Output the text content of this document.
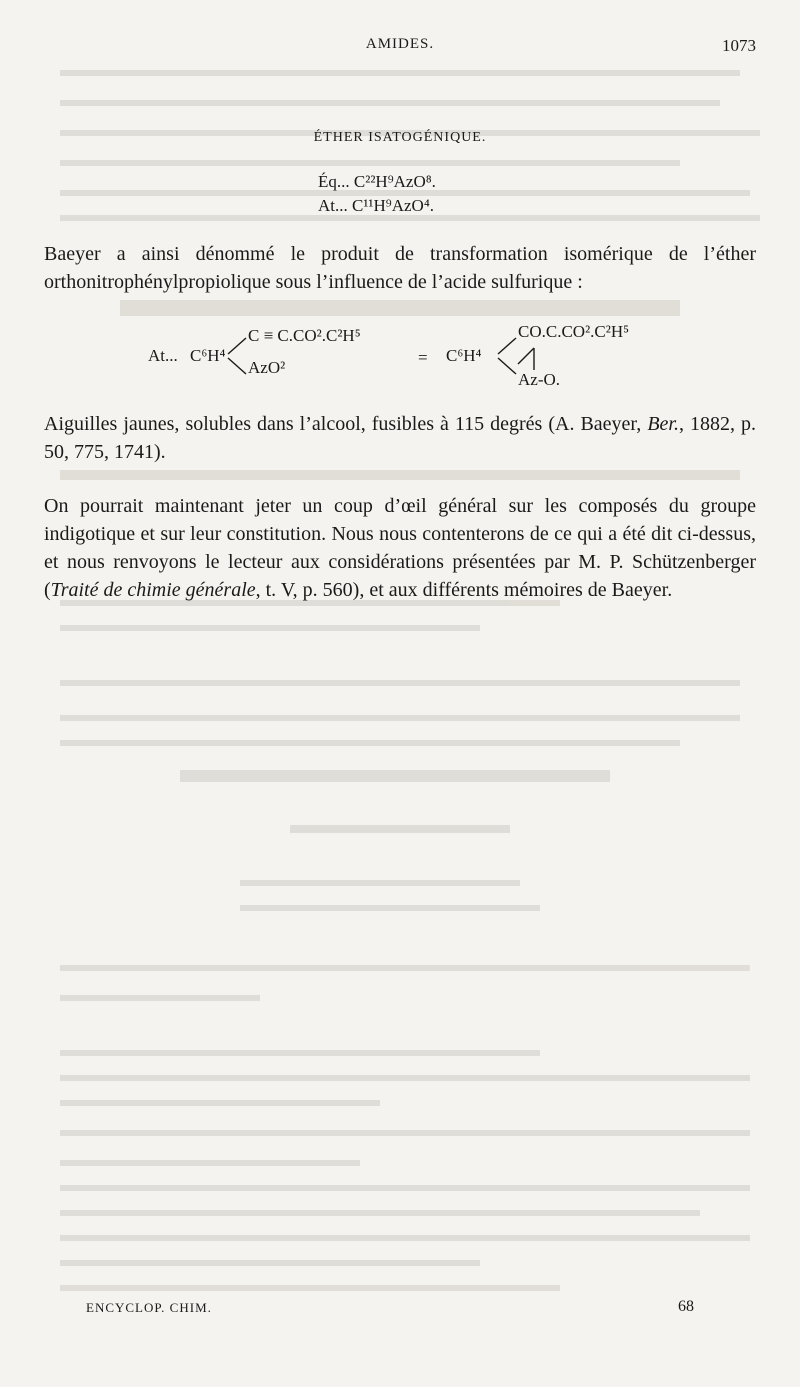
AMIDES.	1073
ÉTHER ISATOGÉNIQUE.
Éq... C²²H⁹AzO⁸.
At... C¹¹H⁹AzO⁴.

Baeyer a ainsi dénommé le produit de transformation isomérique de l’éther orthonitrophénylpropiolique sous l’influence de l’acide sulfurique :

At... C⁶H⁴
C ≡ C.CO².C²H⁵
AzO²
= C⁶H⁴
CO.C.CO².C²H⁵
Az-O.

Aiguilles jaunes, solubles dans l’alcool, fusibles à 115 degrés (A. Baeyer, Ber., 1882, p. 50, 775, 1741).

On pourrait maintenant jeter un coup d’œil général sur les composés du groupe indigotique et sur leur constitution. Nous nous contenterons de ce qui a été dit ci-dessus, et nous renvoyons le lecteur aux considérations présentées par M. P. Schützenberger (Traité de chimie générale, t. V, p. 560), et aux différents mémoires de Baeyer.

ENCYCLOP. CHIM.	68
